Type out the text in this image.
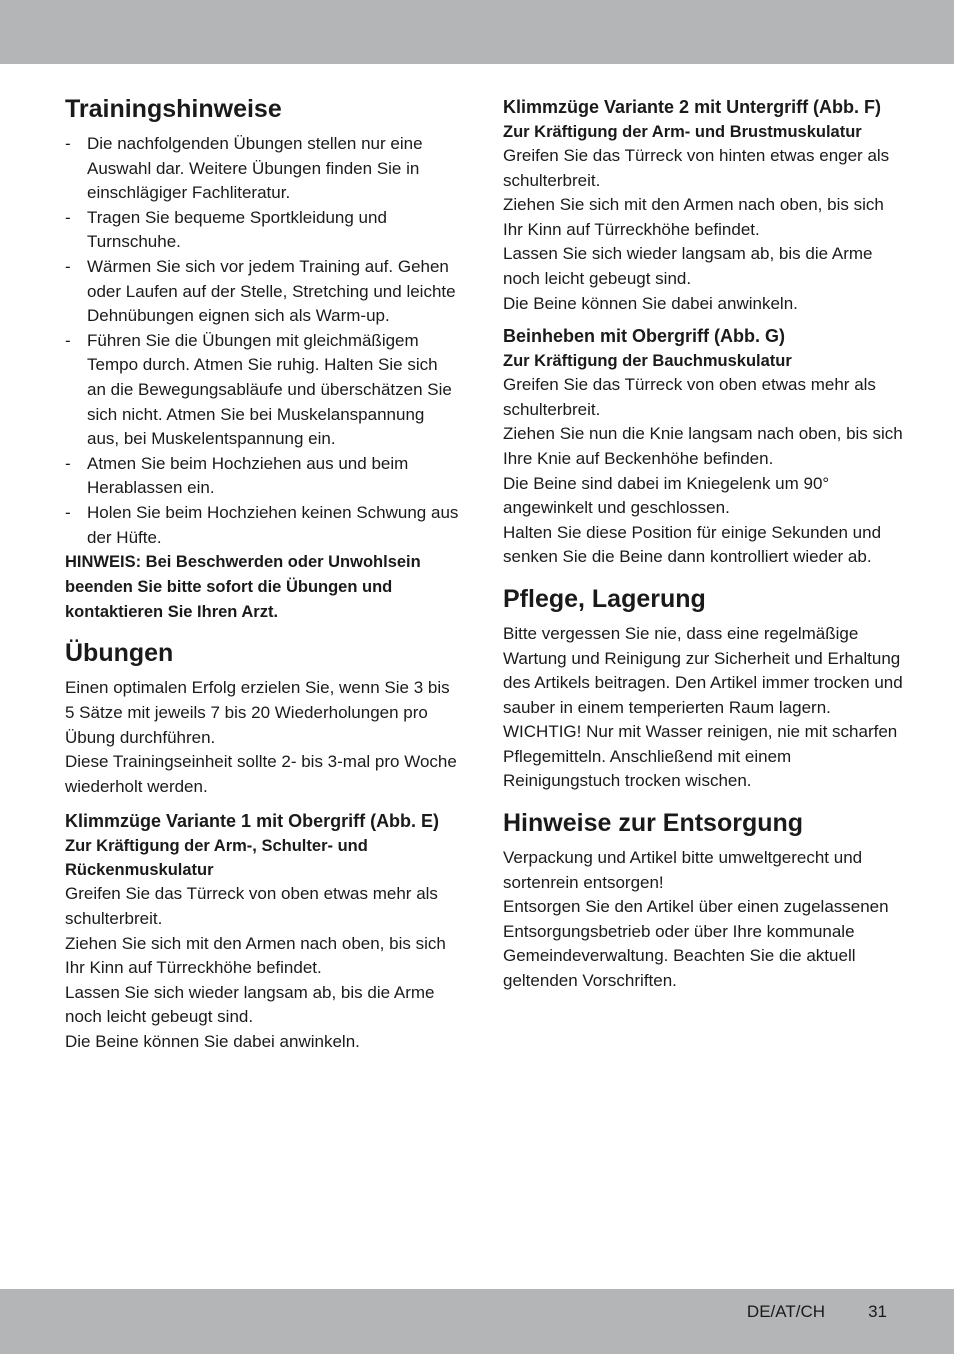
Trainingshinweise
- Die nachfolgenden Übungen stellen nur eine Auswahl dar. Weitere Übungen finden Sie in einschlägiger Fachliteratur.
- Tragen Sie bequeme Sportkleidung und Turnschuhe.
- Wärmen Sie sich vor jedem Training auf. Gehen oder Laufen auf der Stelle, Stretching und leichte Dehnübungen eignen sich als Warm-up.
- Führen Sie die Übungen mit gleichmäßigem Tempo durch. Atmen Sie ruhig. Halten Sie sich an die Bewegungsabläufe und überschätzen Sie sich nicht. Atmen Sie bei Muskelanspannung aus, bei Muskelentspannung ein.
- Atmen Sie beim Hochziehen aus und beim Herablassen ein.
- Holen Sie beim Hochziehen keinen Schwung aus der Hüfte.

HINWEIS: Bei Beschwerden oder Unwohlsein beenden Sie bitte sofort die Übungen und kontaktieren Sie Ihren Arzt.

Übungen

Einen optimalen Erfolg erzielen Sie, wenn Sie 3 bis 5 Sätze mit jeweils 7 bis 20 Wiederholungen pro Übung durchführen.

Diese Trainingseinheit sollte 2- bis 3-mal pro Woche wiederholt werden.

Klimmzüge Variante 1 mit Obergriff (Abb. E)
Zur Kräftigung der Arm-, Schulter- und Rückenmuskulatur

Greifen Sie das Türreck von oben etwas mehr als schulterbreit.

Ziehen Sie sich mit den Armen nach oben, bis sich Ihr Kinn auf Türreckhöhe befindet.

Lassen Sie sich wieder langsam ab, bis die Arme noch leicht gebeugt sind.

Die Beine können Sie dabei anwinkeln.

Klimmzüge Variante 2 mit Untergriff (Abb. F)
Zur Kräftigung der Arm- und Brustmuskulatur

Greifen Sie das Türreck von hinten etwas enger als schulterbreit.

Ziehen Sie sich mit den Armen nach oben, bis sich Ihr Kinn auf Türreckhöhe befindet.

Lassen Sie sich wieder langsam ab, bis die Arme noch leicht gebeugt sind.

Die Beine können Sie dabei anwinkeln.

Beinheben mit Obergriff (Abb. G)
Zur Kräftigung der Bauchmuskulatur

Greifen Sie das Türreck von oben etwas mehr als schulterbreit.

Ziehen Sie nun die Knie langsam nach oben, bis sich Ihre Knie auf Beckenhöhe befinden.

Die Beine sind dabei im Kniegelenk um 90° angewinkelt und geschlossen.

Halten Sie diese Position für einige Sekunden und senken Sie die Beine dann kontrolliert wieder ab.

Pflege, Lagerung

Bitte vergessen Sie nie, dass eine regelmäßige Wartung und Reinigung zur Sicherheit und Erhaltung des Artikels beitragen. Den Artikel immer trocken und sauber in einem temperierten Raum lagern.

WICHTIG! Nur mit Wasser reinigen, nie mit scharfen Pflegemitteln. Anschließend mit einem Reinigungstuch trocken wischen.

Hinweise zur Entsorgung

Verpackung und Artikel bitte umweltgerecht und sortenrein entsorgen!

Entsorgen Sie den Artikel über einen zugelassenen Entsorgungsbetrieb oder über Ihre kommunale Gemeindeverwaltung. Beachten Sie die aktuell geltenden Vorschriften.

DE/AT/CH	31
